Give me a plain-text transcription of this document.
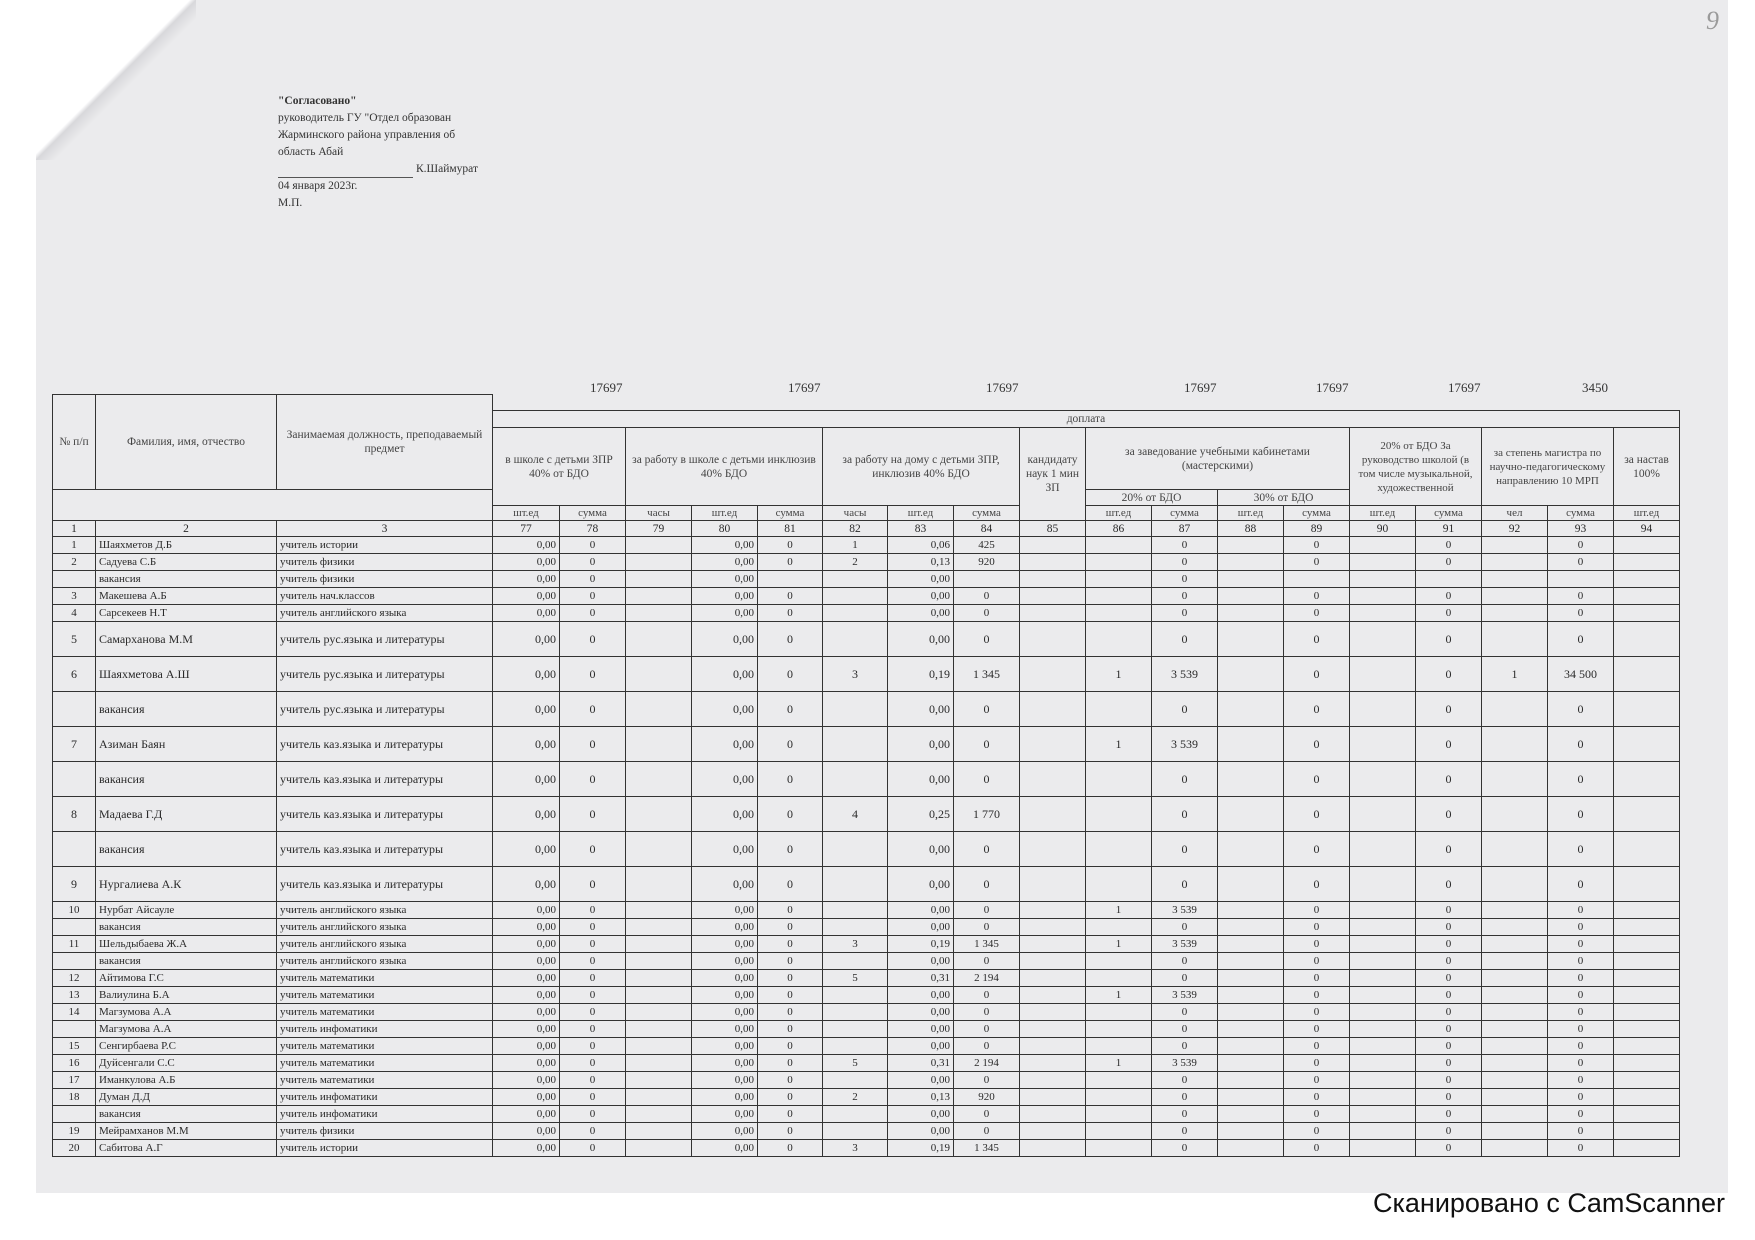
9
"Согласовано"
руководитель ГУ "Отдел образован
Жарминского района управления об
область Абай
К.Шаймурат
04 января 2023г.
М.П.
17697	17697	17697	17697	17697	17697	3450
№ п/п	Фамилия, имя, отчество	Занимаемая должность, преподаваемый предмет																		
			доплата																	
			в школе с детьми ЗПР 40% от БДО		за работу в школе с детьми инклюзив 40% БДО			за работу на дому с детьми ЗПР, инклюзив 40% БДО			кандидату наук 1 мин ЗП	за заведование учебными кабинетами (мастерскими)				20% от БДО За руководство школой (в том числе музыкальной, художественной		за степень магистра по научно-педагогическому направлению 10 МРП		за настав 100%
												20% от БДО		30% от БДО						
			шт.ед	сумма	часы	шт.ед	сумма	часы	шт.ед	сумма		шт.ед	сумма	шт.ед	сумма	шт.ед	сумма	чел	сумма	шт.ед
1	2	3	77	78	79	80	81	82	83	84	85	86	87	88	89	90	91	92	93	94
1	Шаяхметов Д.Б	учитель истории	0,00	0		0,00	0	1	0,06	425			0		0		0		0	
2	Садуева С.Б	учитель физики	0,00	0		0,00	0	2	0,13	920			0		0		0		0	
	вакансия	учитель физики	0,00	0		0,00			0,00				0							
3	Макешева А.Б	учитель нач.классов	0,00	0		0,00	0		0,00	0			0		0		0		0	
4	Сарсекеев Н.Т	учитель английского языка	0,00	0		0,00	0		0,00	0			0		0		0		0	
5	Самарханова М.М	учитель рус.языка и литературы	0,00	0		0,00	0		0,00	0			0		0		0		0	
6	Шаяхметова А.Ш	учитель рус.языка и литературы	0,00	0		0,00	0	3	0,19	1 345		1	3 539		0		0	1	34 500	
	вакансия	учитель рус.языка и литературы	0,00	0		0,00	0		0,00	0			0		0		0		0	
7	Азиман Баян	учитель каз.языка и литературы	0,00	0		0,00	0		0,00	0		1	3 539		0		0		0	
	вакансия	учитель каз.языка и литературы	0,00	0		0,00	0		0,00	0			0		0		0		0	
8	Мадаева Г.Д	учитель каз.языка и литературы	0,00	0		0,00	0	4	0,25	1 770			0		0		0		0	
	вакансия	учитель каз.языка и литературы	0,00	0		0,00	0		0,00	0			0		0		0		0	
9	Нургалиева А.К	учитель каз.языка и литературы	0,00	0		0,00	0		0,00	0			0		0		0		0	
10	Нурбат Айсауле	учитель английского языка	0,00	0		0,00	0		0,00	0		1	3 539		0		0		0	
	вакансия	учитель английского языка	0,00	0		0,00	0		0,00	0			0		0		0		0	
11	Шельдыбаева Ж.А	учитель английского языка	0,00	0		0,00	0	3	0,19	1 345		1	3 539		0		0		0	
	вакансия	учитель английского языка	0,00	0		0,00	0		0,00	0			0		0		0		0	
12	Айтимова Г.С	учитель математики	0,00	0		0,00	0	5	0,31	2 194			0		0		0		0	
13	Валиулина Б.А	учитель математики	0,00	0		0,00	0		0,00	0		1	3 539		0		0		0	
14	Магзумова А.А	учитель математики	0,00	0		0,00	0		0,00	0			0		0		0		0	
	Магзумова А.А	учитель инфоматики	0,00	0		0,00	0		0,00	0			0		0		0		0	
15	Сенгирбаева Р.С	учитель математики	0,00	0		0,00	0		0,00	0			0		0		0		0	
16	Дуйсенгали С.С	учитель математики	0,00	0		0,00	0	5	0,31	2 194		1	3 539		0		0		0	
17	Иманкулова А.Б	учитель математики	0,00	0		0,00	0		0,00	0			0		0		0		0	
18	Думан Д.Д	учитель инфоматики	0,00	0		0,00	0	2	0,13	920			0		0		0		0	
	вакансия	учитель инфоматики	0,00	0		0,00	0		0,00	0			0		0		0		0	
19	Мейрамханов М.М	учитель физики	0,00	0		0,00	0		0,00	0			0		0		0		0	
20	Сабитова А.Г	учитель истории	0,00	0		0,00	0	3	0,19	1 345			0		0		0		0	
Сканировано с CamScanner
